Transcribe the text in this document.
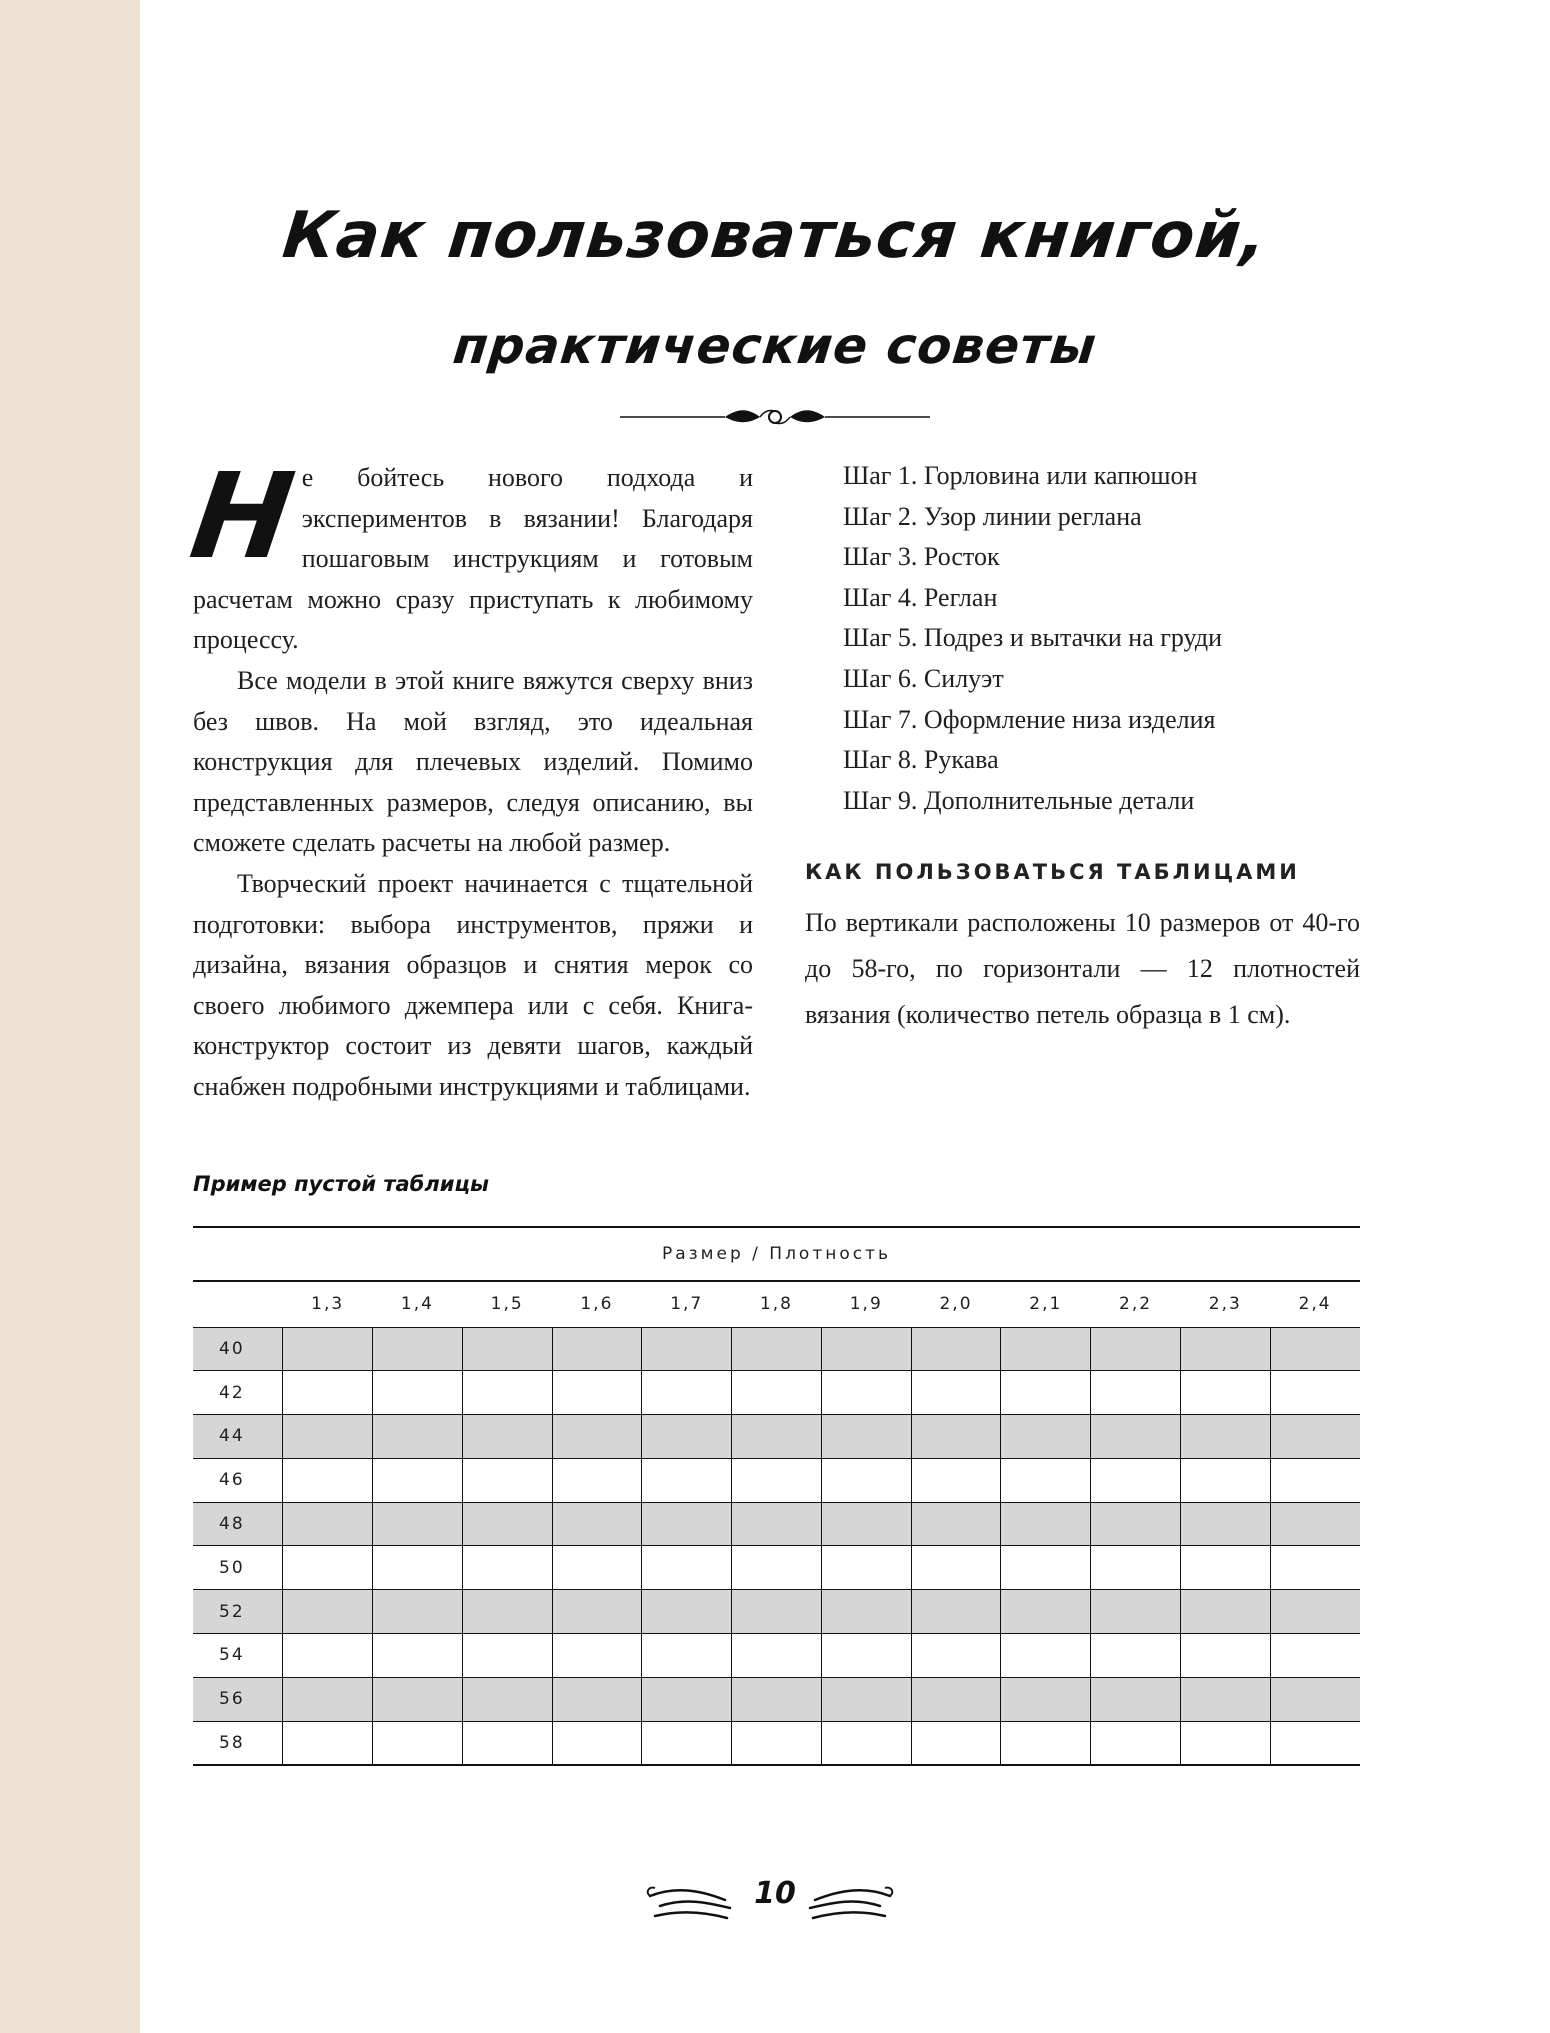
Как пользоваться книгой,
практические советы

Не бойтесь нового подхода и экспериментов в вязании! Благодаря пошаговым инструкциям и готовым расчетам можно сразу приступать к любимому процессу.

Все модели в этой книге вяжутся сверху вниз без швов. На мой взгляд, это идеальная конструкция для плечевых изделий. Помимо представленных размеров, следуя описанию, вы сможете сделать расчеты на любой размер.

Творческий проект начинается с тщательной подготовки: выбора инструментов, пряжи и дизайна, вязания образцов и снятия мерок со своего любимого джемпера или с себя. Книга-конструктор состоит из девяти шагов, каждый снабжен подробными инструкциями и таблицами.

Шаг 1. Горловина или капюшон
Шаг 2. Узор линии реглана
Шаг 3. Росток
Шаг 4. Реглан
Шаг 5. Подрез и вытачки на груди
Шаг 6. Силуэт
Шаг 7. Оформление низа изделия
Шаг 8. Рукава
Шаг 9. Дополнительные детали
КАК ПОЛЬЗОВАТЬСЯ ТАБЛИЦАМИ

По вертикали расположены 10 размеров от 40-го до 58-го, по горизонтали — 12 плотностей вязания (количество петель образца в 1 см).

Пример пустой таблицы
Размер / Плотность												
	1,3	1,4	1,5	1,6	1,7	1,8	1,9	2,0	2,1	2,2	2,3	2,4
40												
42												
44												
46												
48												
50												
52												
54												
56												
58												
10
